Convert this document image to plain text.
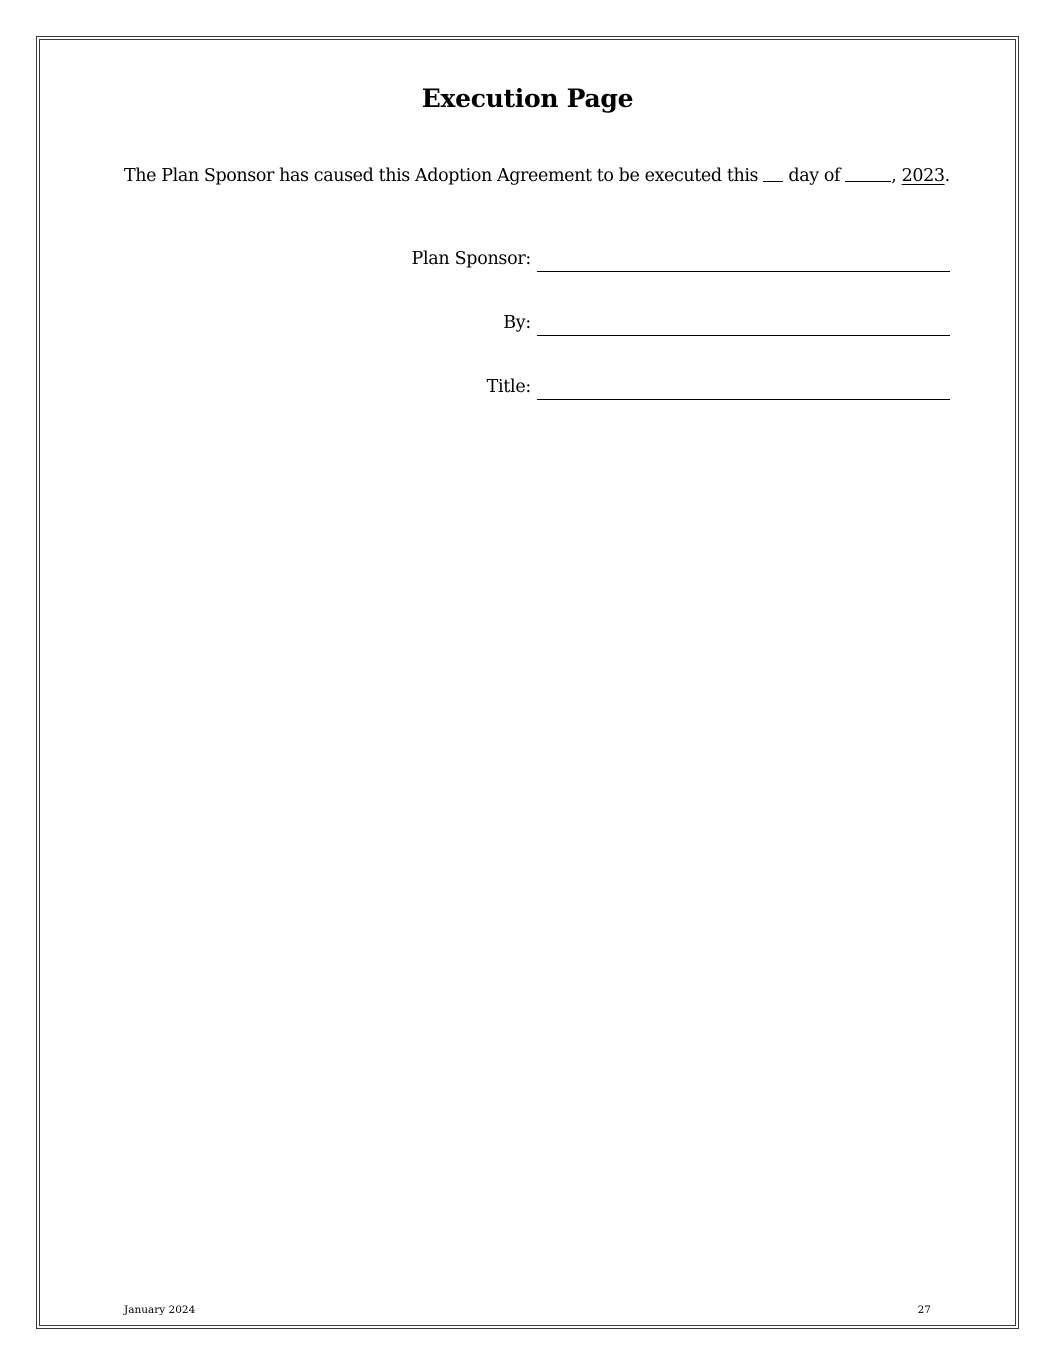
Execution Page
The Plan Sponsor has caused this Adoption Agreement to be executed this  day of	, 2023.
Plan Sponsor:
By:
Title:
January 2024	27
